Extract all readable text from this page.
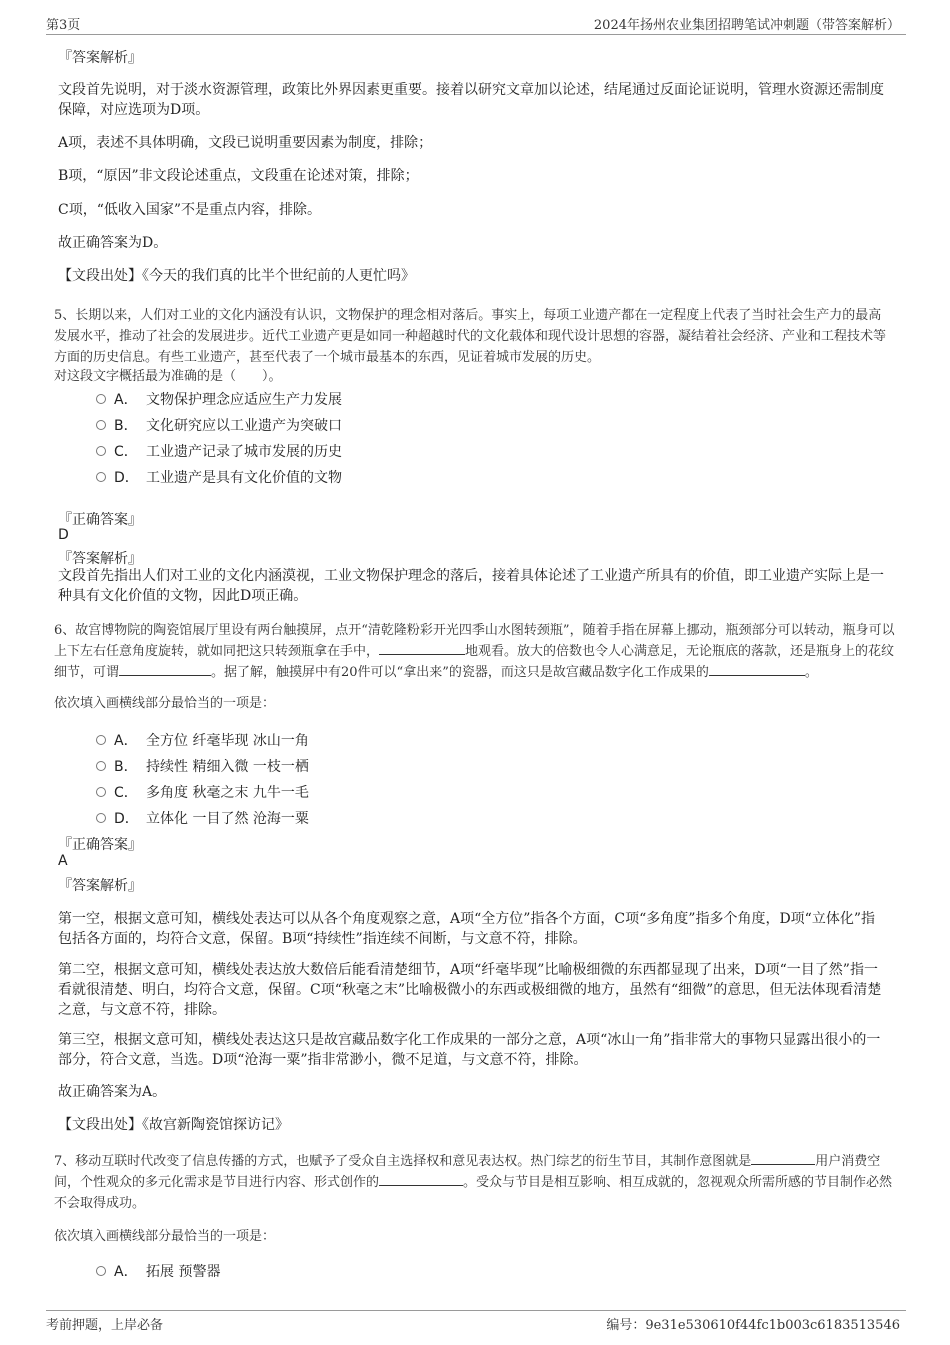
第3页	2024年扬州农业集团招聘笔试冲刺题（带答案解析）
『答案解析』
文段首先说明，对于淡水资源管理，政策比外界因素更重要。接着以研究文章加以论述，结尾通过反面论证说明，管理水资源还需制度保障，对应选项为D项。
A项，表述不具体明确，文段已说明重要因素为制度，排除；
B项，“原因”非文段论述重点，文段重在论述对策，排除；
C项，“低收入国家”不是重点内容，排除。
故正确答案为D。
【文段出处】《今天的我们真的比半个世纪前的人更忙吗》
5、长期以来，人们对工业的文化内涵没有认识，文物保护的理念相对落后。事实上，每项工业遗产都在一定程度上代表了当时社会生产力的最高发展水平，推动了社会的发展进步。近代工业遗产更是如同一种超越时代的文化载体和现代设计思想的容器，凝结着社会经济、产业和工程技术等方面的历史信息。有些工业遗产，甚至代表了一个城市最基本的东西，见证着城市发展的历史。
对这段文字概括最为准确的是（　　）。
A． 文物保护理念应适应生产力发展
B． 文化研究应以工业遗产为突破口
C． 工业遗产记录了城市发展的历史
D． 工业遗产是具有文化价值的文物
『正确答案』
D
『答案解析』
文段首先指出人们对工业的文化内涵漠视，工业文物保护理念的落后，接着具体论述了工业遗产所具有的价值，即工业遗产实际上是一种具有文化价值的文物，因此D项正确。
6、故宫博物院的陶瓷馆展厅里设有两台触摸屏，点开“清乾隆粉彩开光四季山水图转颈瓶”，随着手指在屏幕上挪动，瓶颈部分可以转动，瓶身可以上下左右任意角度旋转，就如同把这只转颈瓶拿在手中，	地观看。放大的倍数也令人心满意足，无论瓶底的落款，还是瓶身上的花纹细节，可谓	。据了解，触摸屏中有20件可以“拿出来”的瓷器，而这只是故宫藏品数字化工作成果的	。
依次填入画横线部分最恰当的一项是：
A． 全方位 纤毫毕现 冰山一角
B． 持续性 精细入微 一枝一栖
C． 多角度 秋毫之末 九牛一毛
D． 立体化 一目了然 沧海一粟
『正确答案』
A
『答案解析』
第一空，根据文意可知，横线处表达可以从各个角度观察之意，A项“全方位”指各个方面，C项“多角度”指多个角度，D项“立体化”指包括各方面的，均符合文意，保留。B项“持续性”指连续不间断，与文意不符，排除。
第二空，根据文意可知，横线处表达放大数倍后能看清楚细节，A项“纤毫毕现”比喻极细微的东西都显现了出来，D项“一目了然”指一看就很清楚、明白，均符合文意，保留。C项“秋毫之末”比喻极微小的东西或极细微的地方，虽然有“细微”的意思，但无法体现看清楚之意，与文意不符，排除。
第三空，根据文意可知，横线处表达这只是故宫藏品数字化工作成果的一部分之意，A项“冰山一角”指非常大的事物只显露出很小的一部分，符合文意，当选。D项“沧海一粟”指非常渺小，微不足道，与文意不符，排除。
故正确答案为A。
【文段出处】《故宫新陶瓷馆探访记》
7、移动互联时代改变了信息传播的方式，也赋予了受众自主选择权和意见表达权。热门综艺的衍生节目，其制作意图就是	用户消费空间，个性观众的多元化需求是节目进行内容、形式创作的	。受众与节目是相互影响、相互成就的，忽视观众所需所感的节目制作必然不会取得成功。
依次填入画横线部分最恰当的一项是：
A． 拓展 预警器
考前押题，上岸必备	编号：9e31e530610f44fc1b003c6183513546
